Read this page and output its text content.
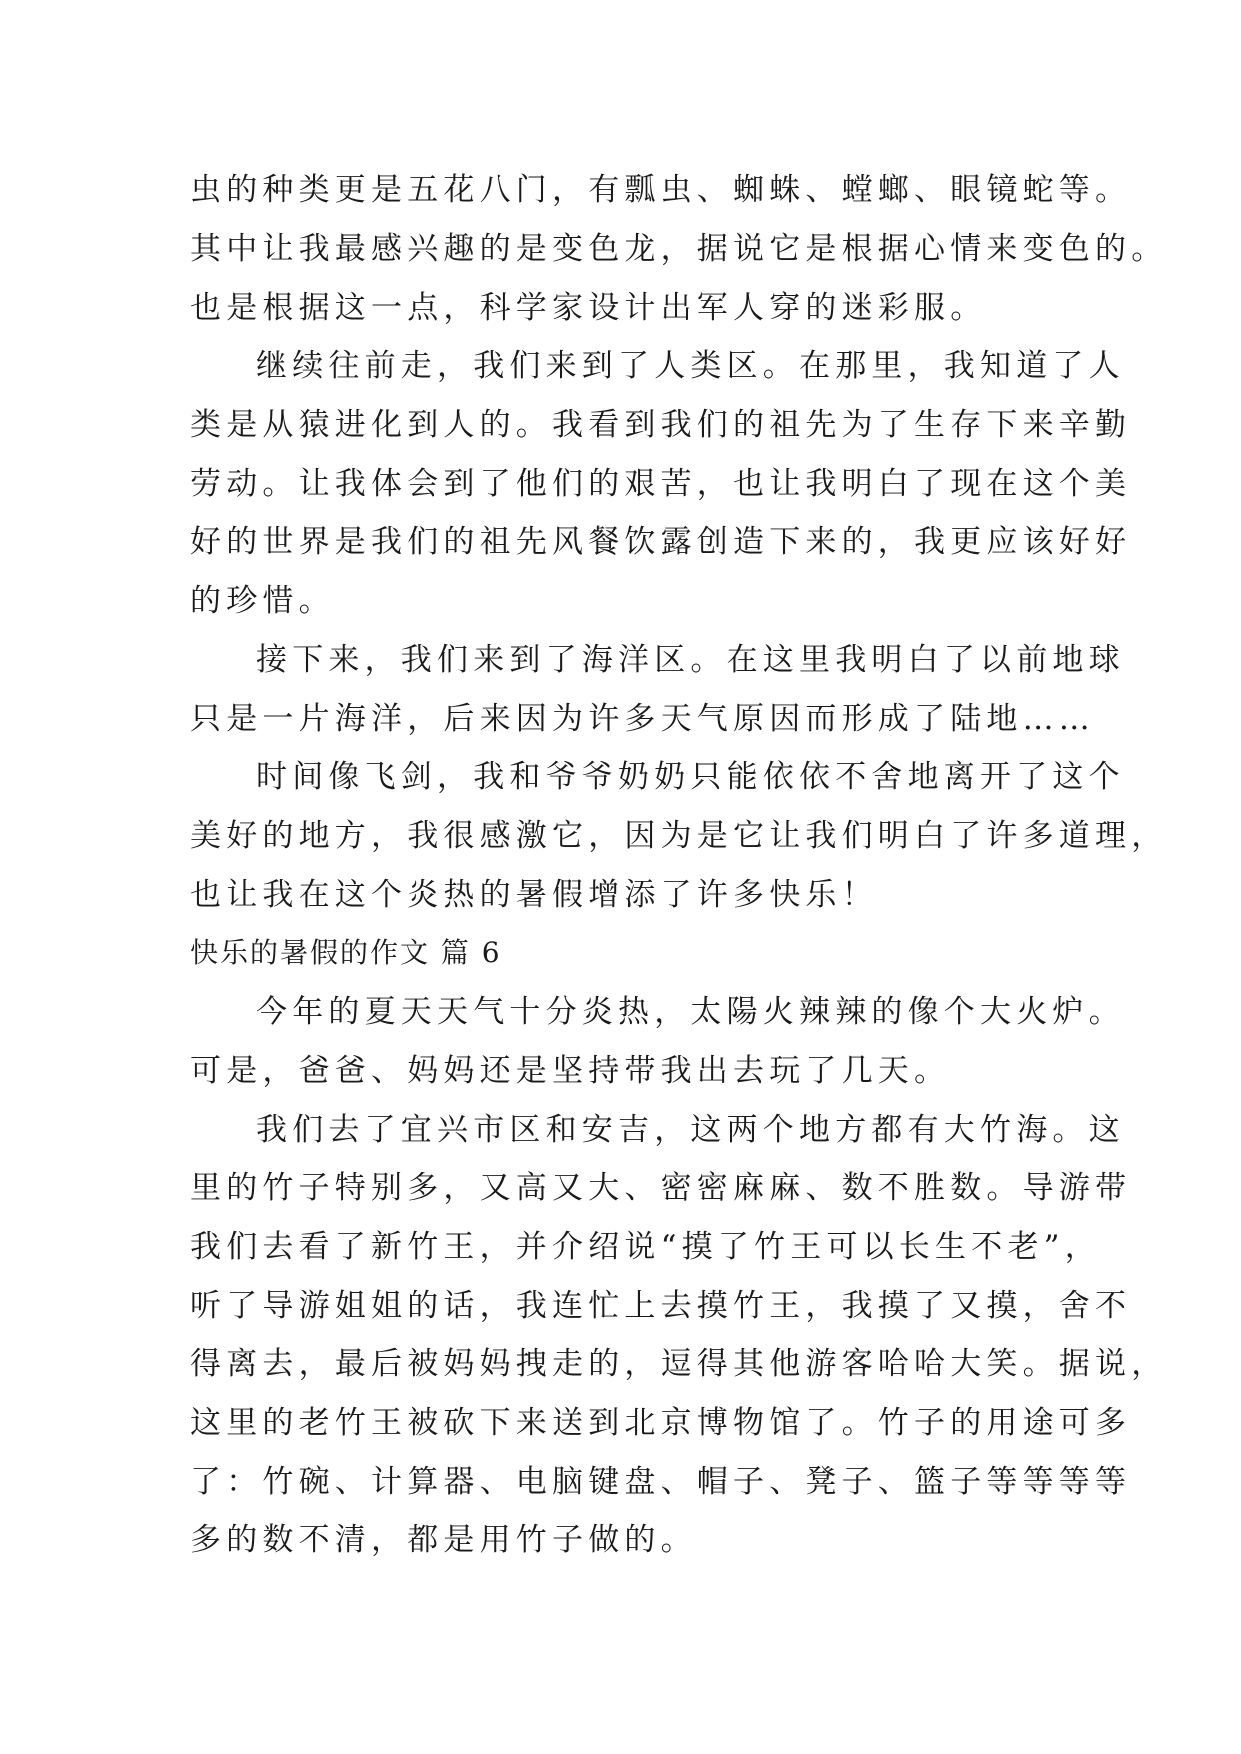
虫的种类更是五花八门，有瓢虫、蜘蛛、螳螂、眼镜蛇等。
其中让我最感兴趣的是变色龙，据说它是根据心情来变色的。
也是根据这一点，科学家设计出军人穿的迷彩服。
继续往前走，我们来到了人类区。在那里，我知道了人
类是从猿进化到人的。我看到我们的祖先为了生存下来辛勤
劳动。让我体会到了他们的艰苦，也让我明白了现在这个美
好的世界是我们的祖先风餐饮露创造下来的，我更应该好好
的珍惜。
接下来，我们来到了海洋区。在这里我明白了以前地球
只是一片海洋，后来因为许多天气原因而形成了陆地……
时间像飞剑，我和爷爷奶奶只能依依不舍地离开了这个
美好的地方，我很感激它，因为是它让我们明白了许多道理，
也让我在这个炎热的暑假增添了许多快乐！
快乐的暑假的作文 篇 6
今年的夏天天气十分炎热，太陽火辣辣的像个大火炉。
可是，爸爸、妈妈还是坚持带我出去玩了几天。
我们去了宜兴市区和安吉，这两个地方都有大竹海。这
里的竹子特别多，又高又大、密密麻麻、数不胜数。导游带
我们去看了新竹王，并介绍说“摸了竹王可以长生不老”，
听了导游姐姐的话，我连忙上去摸竹王，我摸了又摸，舍不
得离去，最后被妈妈拽走的，逗得其他游客哈哈大笑。据说，
这里的老竹王被砍下来送到北京博物馆了。竹子的用途可多
了：竹碗、计算器、电脑键盘、帽子、凳子、篮子等等等等
多的数不清，都是用竹子做的。
